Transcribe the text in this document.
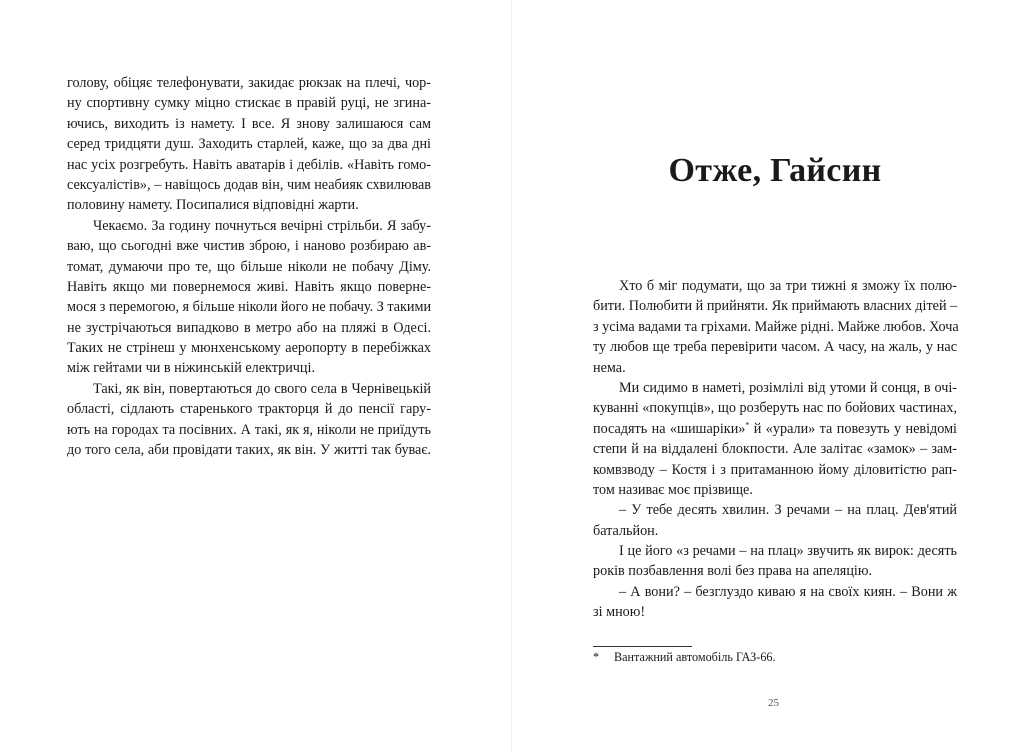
голову, обіцяє телефонувати, закидає рюкзак на плечі, чор-
ну спортивну сумку міцно стискає в правій руці, не згина-
ючись, виходить із намету. І все. Я знову залишаюся сам
серед тридцяти душ. Заходить старлей, каже, що за два дні
нас усіх розгребуть. Навіть аватарів і дебілів. «Навіть гомо-
сексуалістів», – навіщось додав він, чим неабияк схвилював
половину намету. Посипалися відповідні жарти.
Чекаємо. За годину почнуться вечірні стрільби. Я забу-
ваю, що сьогодні вже чистив зброю, і наново розбираю ав-
томат, думаючи про те, що більше ніколи не побачу Діму.
Навіть якщо ми повернемося живі. Навіть якщо поверне-
мося з перемогою, я більше ніколи його не побачу. З такими
не зустрічаються випадково в метро або на пляжі в Одесі.
Таких не стрінеш у мюнхенському аеропорту в перебіжках
між гейтами чи в ніжинській електричці.
Такі, як він, повертаються до свого села в Чернівецькій
області, сідлають старенького тракторця й до пенсії гару-
ють на городах та посівних. А такі, як я, ніколи не приїдуть
до того села, аби провідати таких, як він. У житті так буває.
Отже, Гайсин
Хто б міг подумати, що за три тижні я зможу їх полю-
бити. Полюбити й прийняти. Як приймають власних дітей –
з усіма вадами та гріхами. Майже рідні. Майже любов. Хоча
ту любов ще треба перевірити часом. А часу, на жаль, у нас
нема.
Ми сидимо в наметі, розімлілі від утоми й сонця, в очі-
куванні «покупців», що розберуть нас по бойових частинах,
посадять на «шишаріки»* й «урали» та повезуть у невідомі
степи й на віддалені блокпости. Але залітає «замок» – зам-
комвзводу – Костя і з притаманною йому діловитістю рап-
том називає моє прізвище.
– У тебе десять хвилин. З речами – на плац. Дев'ятий
батальйон.
І це його «з речами – на плац» звучить як вирок: десять
років позбавлення волі без права на апеляцію.
– А вони? – безглуздо киваю я на своїх киян. – Вони ж
зі мною!
* Вантажний автомобіль ГАЗ-66.
25
